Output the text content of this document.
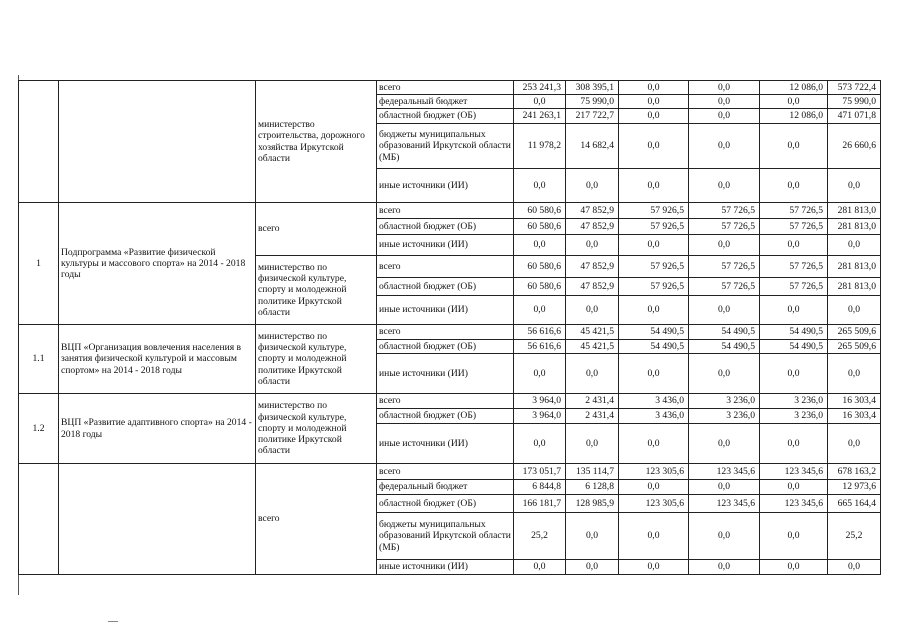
		министерство строительства, дорожного хозяйства Иркутской области	всего	253 241,3	308 395,1	0,0	0,0	12 086,0	573 722,4
			федеральный бюджет	0,0	75 990,0	0,0	0,0	0,0	75 990,0
			областной бюджет (ОБ)	241 263,1	217 722,7	0,0	0,0	12 086,0	471 071,8
			бюджеты муниципальных образований Иркутской области (МБ)	11 978,2	14 682,4	0,0	0,0	0,0	26 660,6
			иные источники (ИИ)	0,0	0,0	0,0	0,0	0,0	0,0
1	Подпрограмма «Развитие физической культуры и массового спорта» на 2014 - 2018 годы	всего	всего	60 580,6	47 852,9	57 926,5	57 726,5	57 726,5	281 813,0
			областной бюджет (ОБ)	60 580,6	47 852,9	57 926,5	57 726,5	57 726,5	281 813,0
			иные источники (ИИ)	0,0	0,0	0,0	0,0	0,0	0,0
		министерство по физической культуре, спорту и молодежной политике Иркутской области	всего	60 580,6	47 852,9	57 926,5	57 726,5	57 726,5	281 813,0
			областной бюджет (ОБ)	60 580,6	47 852,9	57 926,5	57 726,5	57 726,5	281 813,0
			иные источники (ИИ)	0,0	0,0	0,0	0,0	0,0	0,0
1.1	ВЦП «Организация вовлечения населения в занятия физической культурой и массовым спортом» на 2014 - 2018 годы	министерство по физической культуре, спорту и молодежной политике Иркутской области	всего	56 616,6	45 421,5	54 490,5	54 490,5	54 490,5	265 509,6
			областной бюджет (ОБ)	56 616,6	45 421,5	54 490,5	54 490,5	54 490,5	265 509,6
			иные источники (ИИ)	0,0	0,0	0,0	0,0	0,0	0,0
1.2	ВЦП «Развитие адаптивного спорта» на 2014 - 2018 годы	министерство по физической культуре, спорту и молодежной политике Иркутской области	всего	3 964,0	2 431,4	3 436,0	3 236,0	3 236,0	16 303,4
			областной бюджет (ОБ)	3 964,0	2 431,4	3 436,0	3 236,0	3 236,0	16 303,4
			иные источники (ИИ)	0,0	0,0	0,0	0,0	0,0	0,0
		всего	всего	173 051,7	135 114,7	123 305,6	123 345,6	123 345,6	678 163,2
			федеральный бюджет	6 844,8	6 128,8	0,0	0,0	0,0	12 973,6
			областной бюджет (ОБ)	166 181,7	128 985,9	123 305,6	123 345,6	123 345,6	665 164,4
			бюджеты муниципальных образований Иркутской области (МБ)	25,2	0,0	0,0	0,0	0,0	25,2
			иные источники (ИИ)	0,0	0,0	0,0	0,0	0,0	0,0
